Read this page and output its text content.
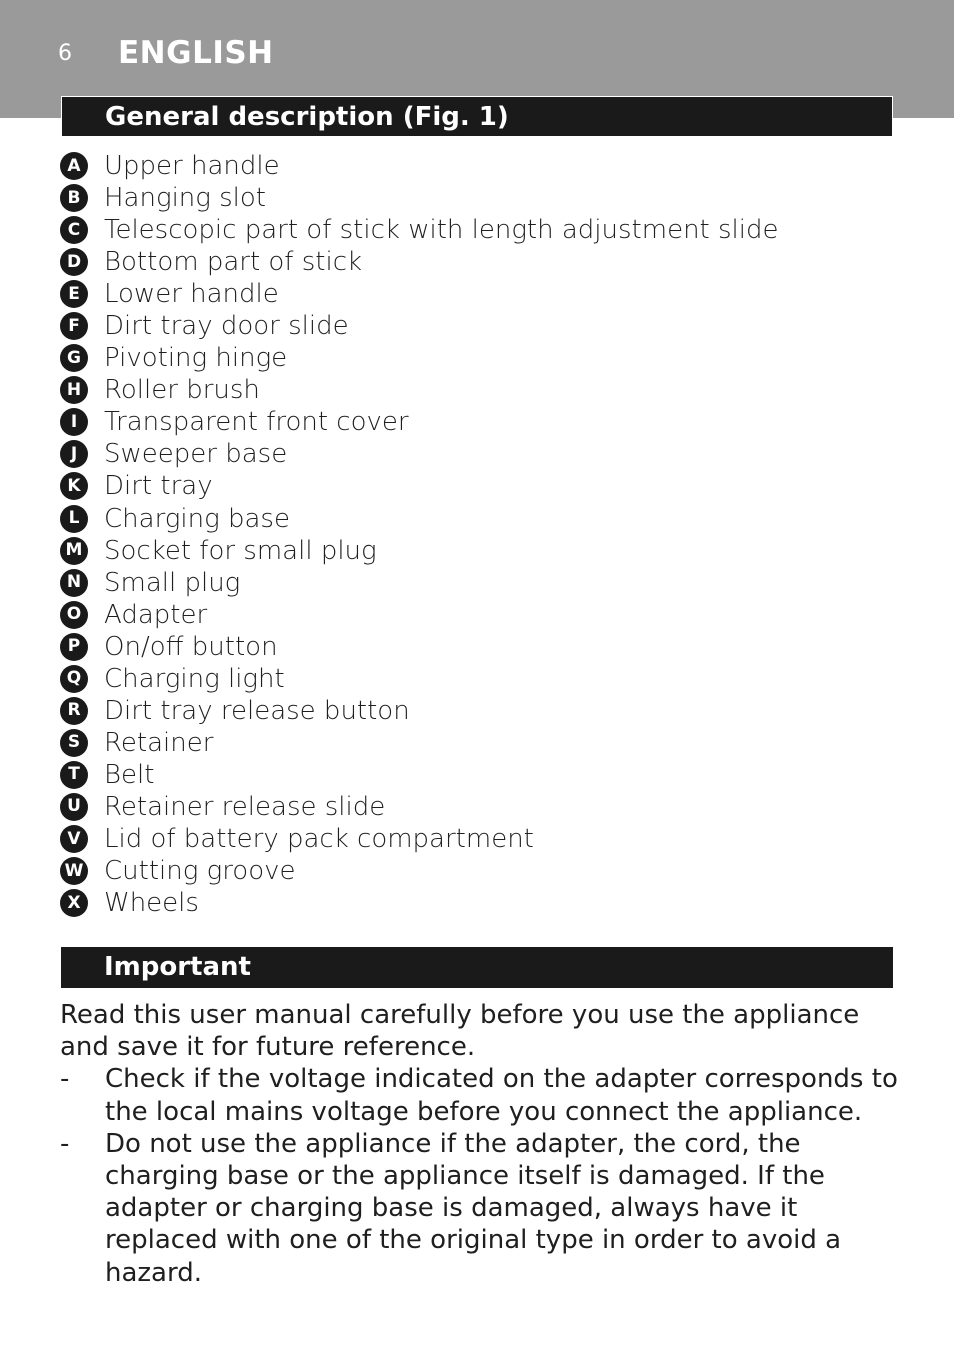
6 ENGLISH
General description (Fig. 1)
A Upper handle
B Hanging slot
C Telescopic part of stick with length adjustment slide
D Bottom part of stick
E Lower handle
F Dirt tray door slide
G Pivoting hinge
H Roller brush
I	Transparent front cover
J	Sweeper base
K Dirt tray
L Charging base
M Socket for small plug
N Small plug
O Adapter
P On/off button
Q Charging light
R Dirt tray release button
S Retainer
T Belt
U Retainer release slide
V Lid of battery pack compartment
W Cutting groove
X Wheels
Important

Read this user manual carefully before you use the appliance and save it for future reference.

- Check if the voltage indicated on the adapter corresponds to the local mains voltage before you connect the appliance.
- Do not use the appliance if the adapter, the cord, the charging base or the appliance itself is damaged. If the adapter or charging base is damaged, always have it replaced with one of the original type in order to avoid a hazard.
